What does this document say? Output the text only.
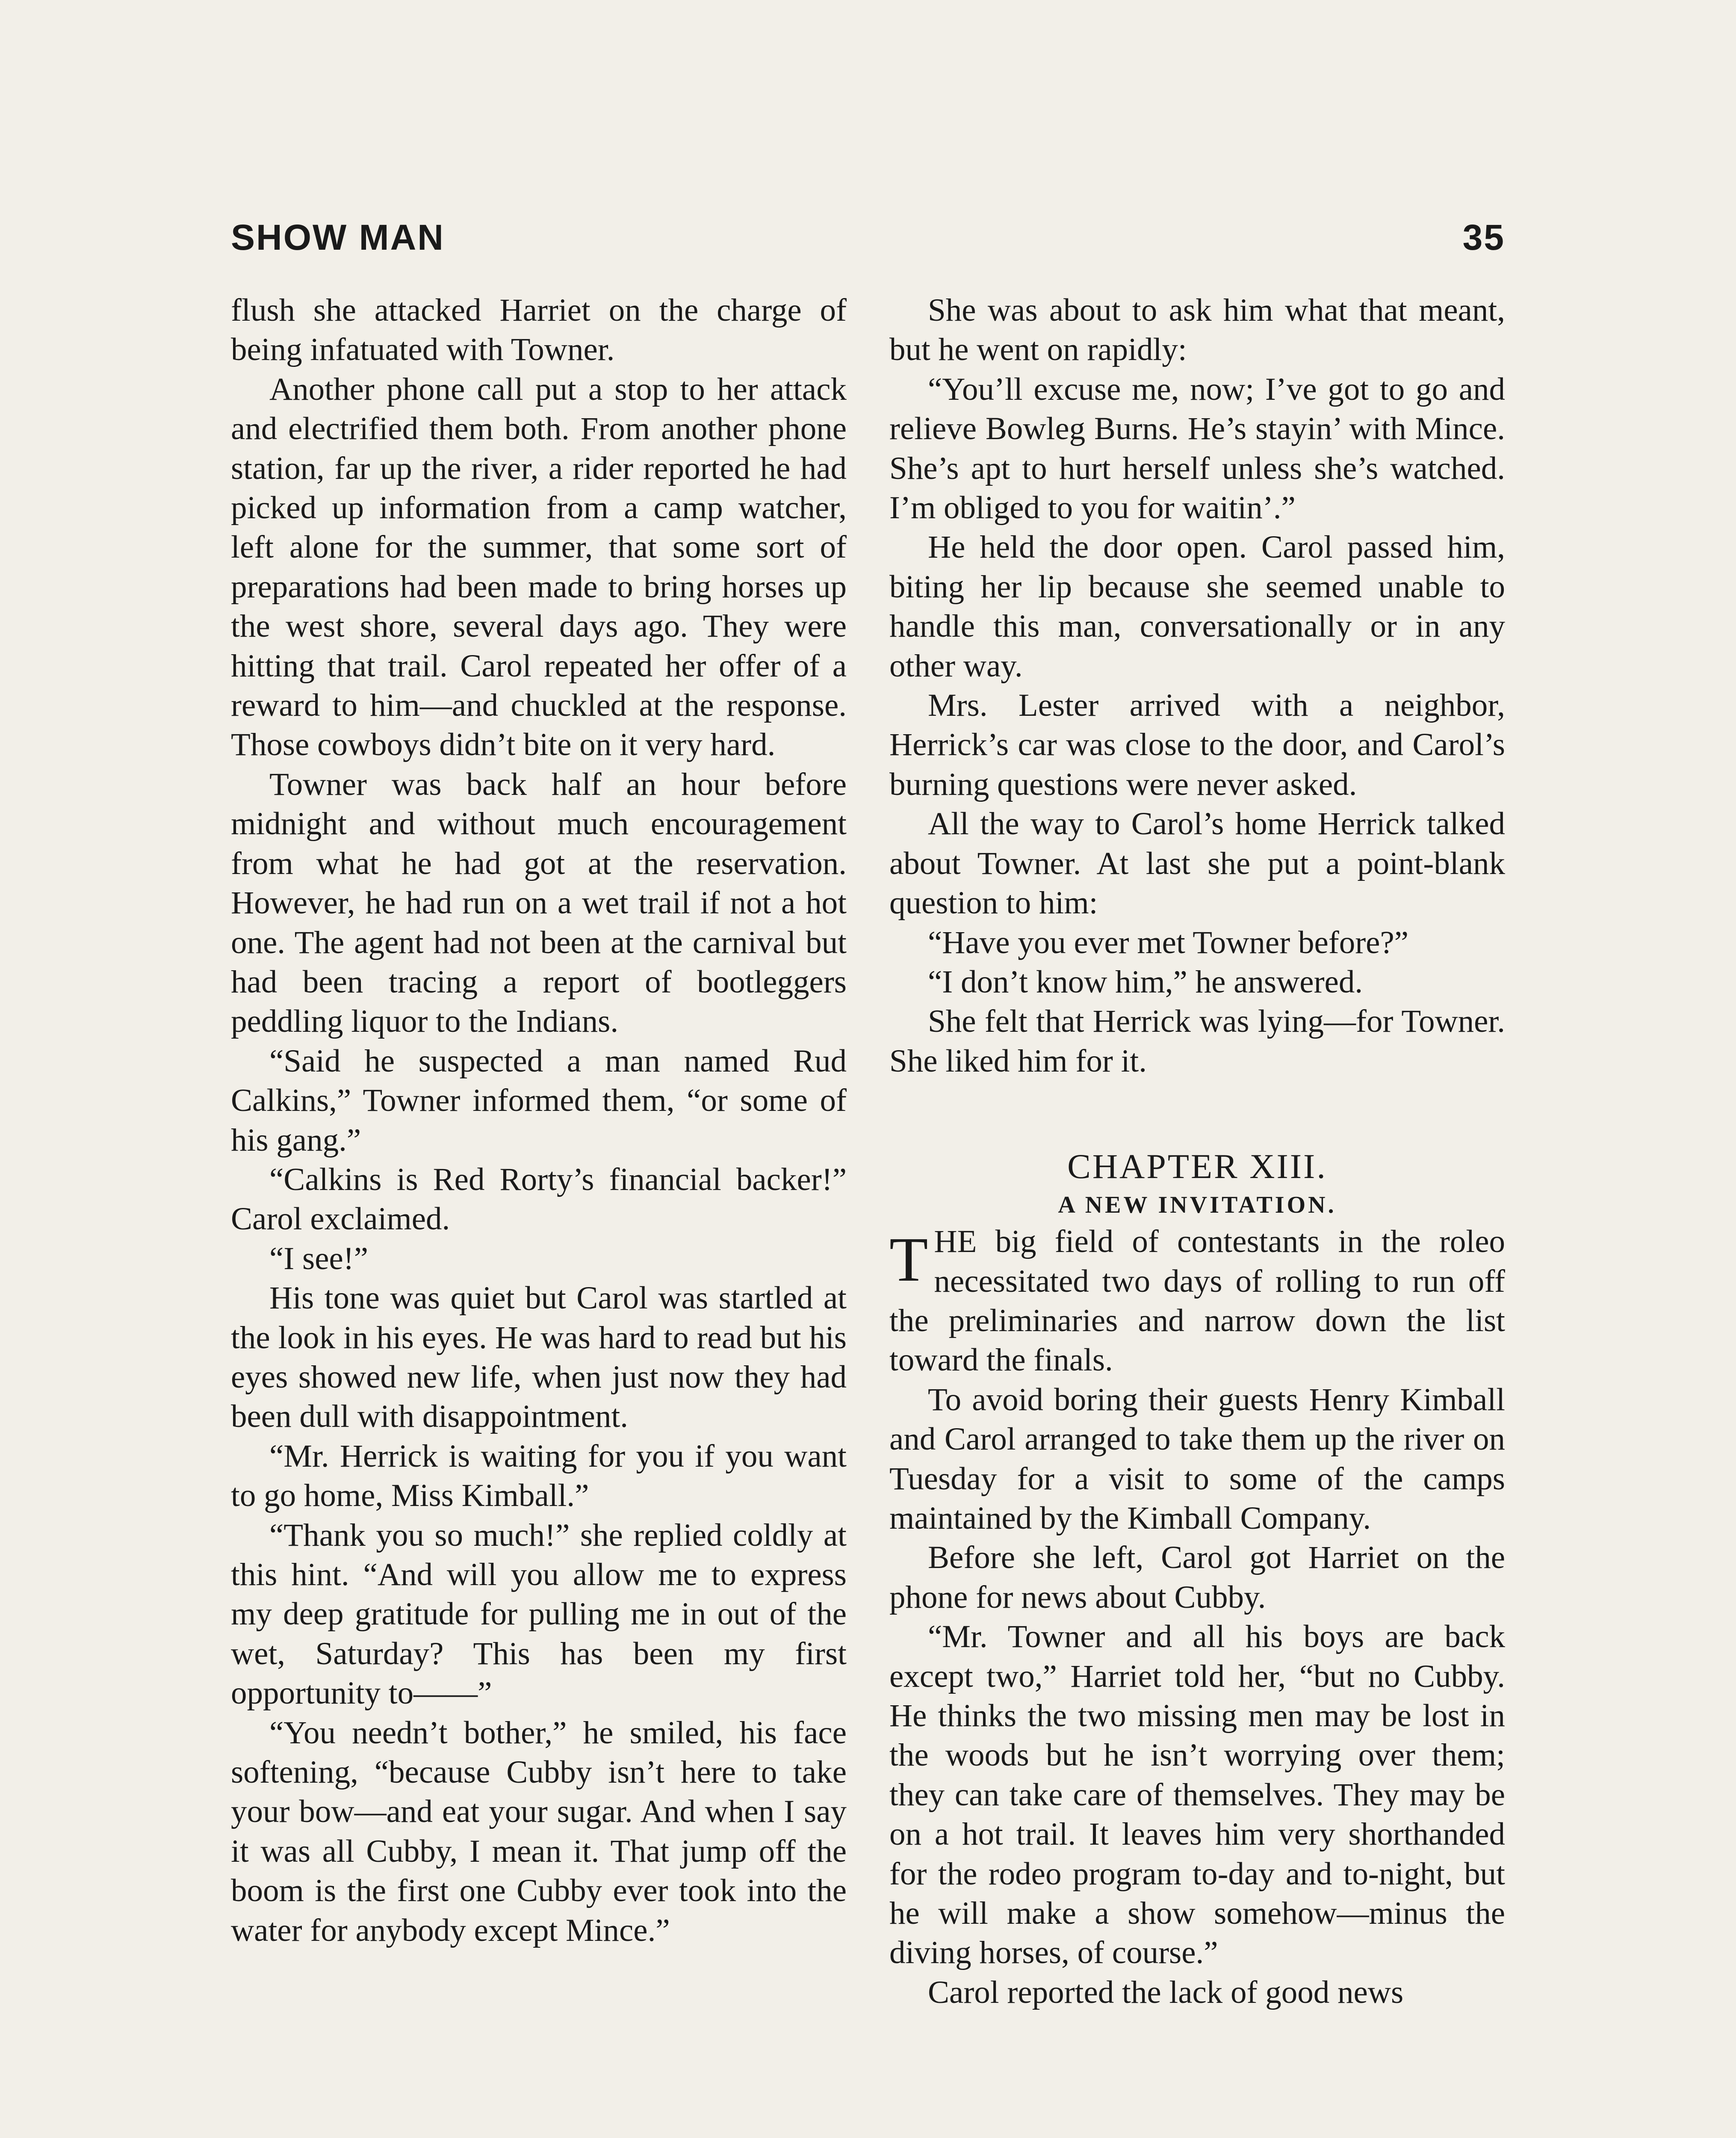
SHOW MAN	35

flush she attacked Harriet on the charge of being infatuated with Towner.

Another phone call put a stop to her attack and electrified them both. From another phone station, far up the river, a rider reported he had picked up information from a camp watcher, left alone for the summer, that some sort of preparations had been made to bring horses up the west shore, several days ago. They were hitting that trail. Carol repeated her offer of a reward to him—and chuckled at the response. Those cowboys didn’t bite on it very hard.

Towner was back half an hour before midnight and without much encouragement from what he had got at the reservation. However, he had run on a wet trail if not a hot one. The agent had not been at the carnival but had been tracing a report of bootleggers peddling liquor to the Indians.

“Said he suspected a man named Rud Calkins,” Towner informed them, “or some of his gang.”

“Calkins is Red Rorty’s financial backer!” Carol exclaimed.

“I see!”

His tone was quiet but Carol was startled at the look in his eyes. He was hard to read but his eyes showed new life, when just now they had been dull with disappointment.

“Mr. Herrick is waiting for you if you want to go home, Miss Kimball.”

“Thank you so much!” she replied coldly at this hint. “And will you allow me to express my deep gratitude for pulling me in out of the wet, Saturday? This has been my first opportunity to——”

“You needn’t bother,” he smiled, his face softening, “because Cubby isn’t here to take your bow—and eat your sugar. And when I say it was all Cubby, I mean it. That jump off the boom is the first one Cubby ever took into the water for anybody except Mince.”

She was about to ask him what that meant, but he went on rapidly:

“You’ll excuse me, now; I’ve got to go and relieve Bowleg Burns. He’s stayin’ with Mince. She’s apt to hurt herself unless she’s watched. I’m obliged to you for waitin’.”

He held the door open. Carol passed him, biting her lip because she seemed unable to handle this man, conversationally or in any other way.

Mrs. Lester arrived with a neighbor, Herrick’s car was close to the door, and Carol’s burning questions were never asked.

All the way to Carol’s home Herrick talked about Towner. At last she put a point-blank question to him:

“Have you ever met Towner before?”

“I don’t know him,” he answered.

She felt that Herrick was lying—for Towner. She liked him for it.

CHAPTER XIII.

A NEW INVITATION.

THE big field of contestants in the roleo necessitated two days of rolling to run off the preliminaries and narrow down the list toward the finals.

To avoid boring their guests Henry Kimball and Carol arranged to take them up the river on Tuesday for a visit to some of the camps maintained by the Kimball Company.

Before she left, Carol got Harriet on the phone for news about Cubby.

“Mr. Towner and all his boys are back except two,” Harriet told her, “but no Cubby. He thinks the two missing men may be lost in the woods but he isn’t worrying over them; they can take care of themselves. They may be on a hot trail. It leaves him very shorthanded for the rodeo program to-day and to-night, but he will make a show somehow—minus the diving horses, of course.”

Carol reported the lack of good news
